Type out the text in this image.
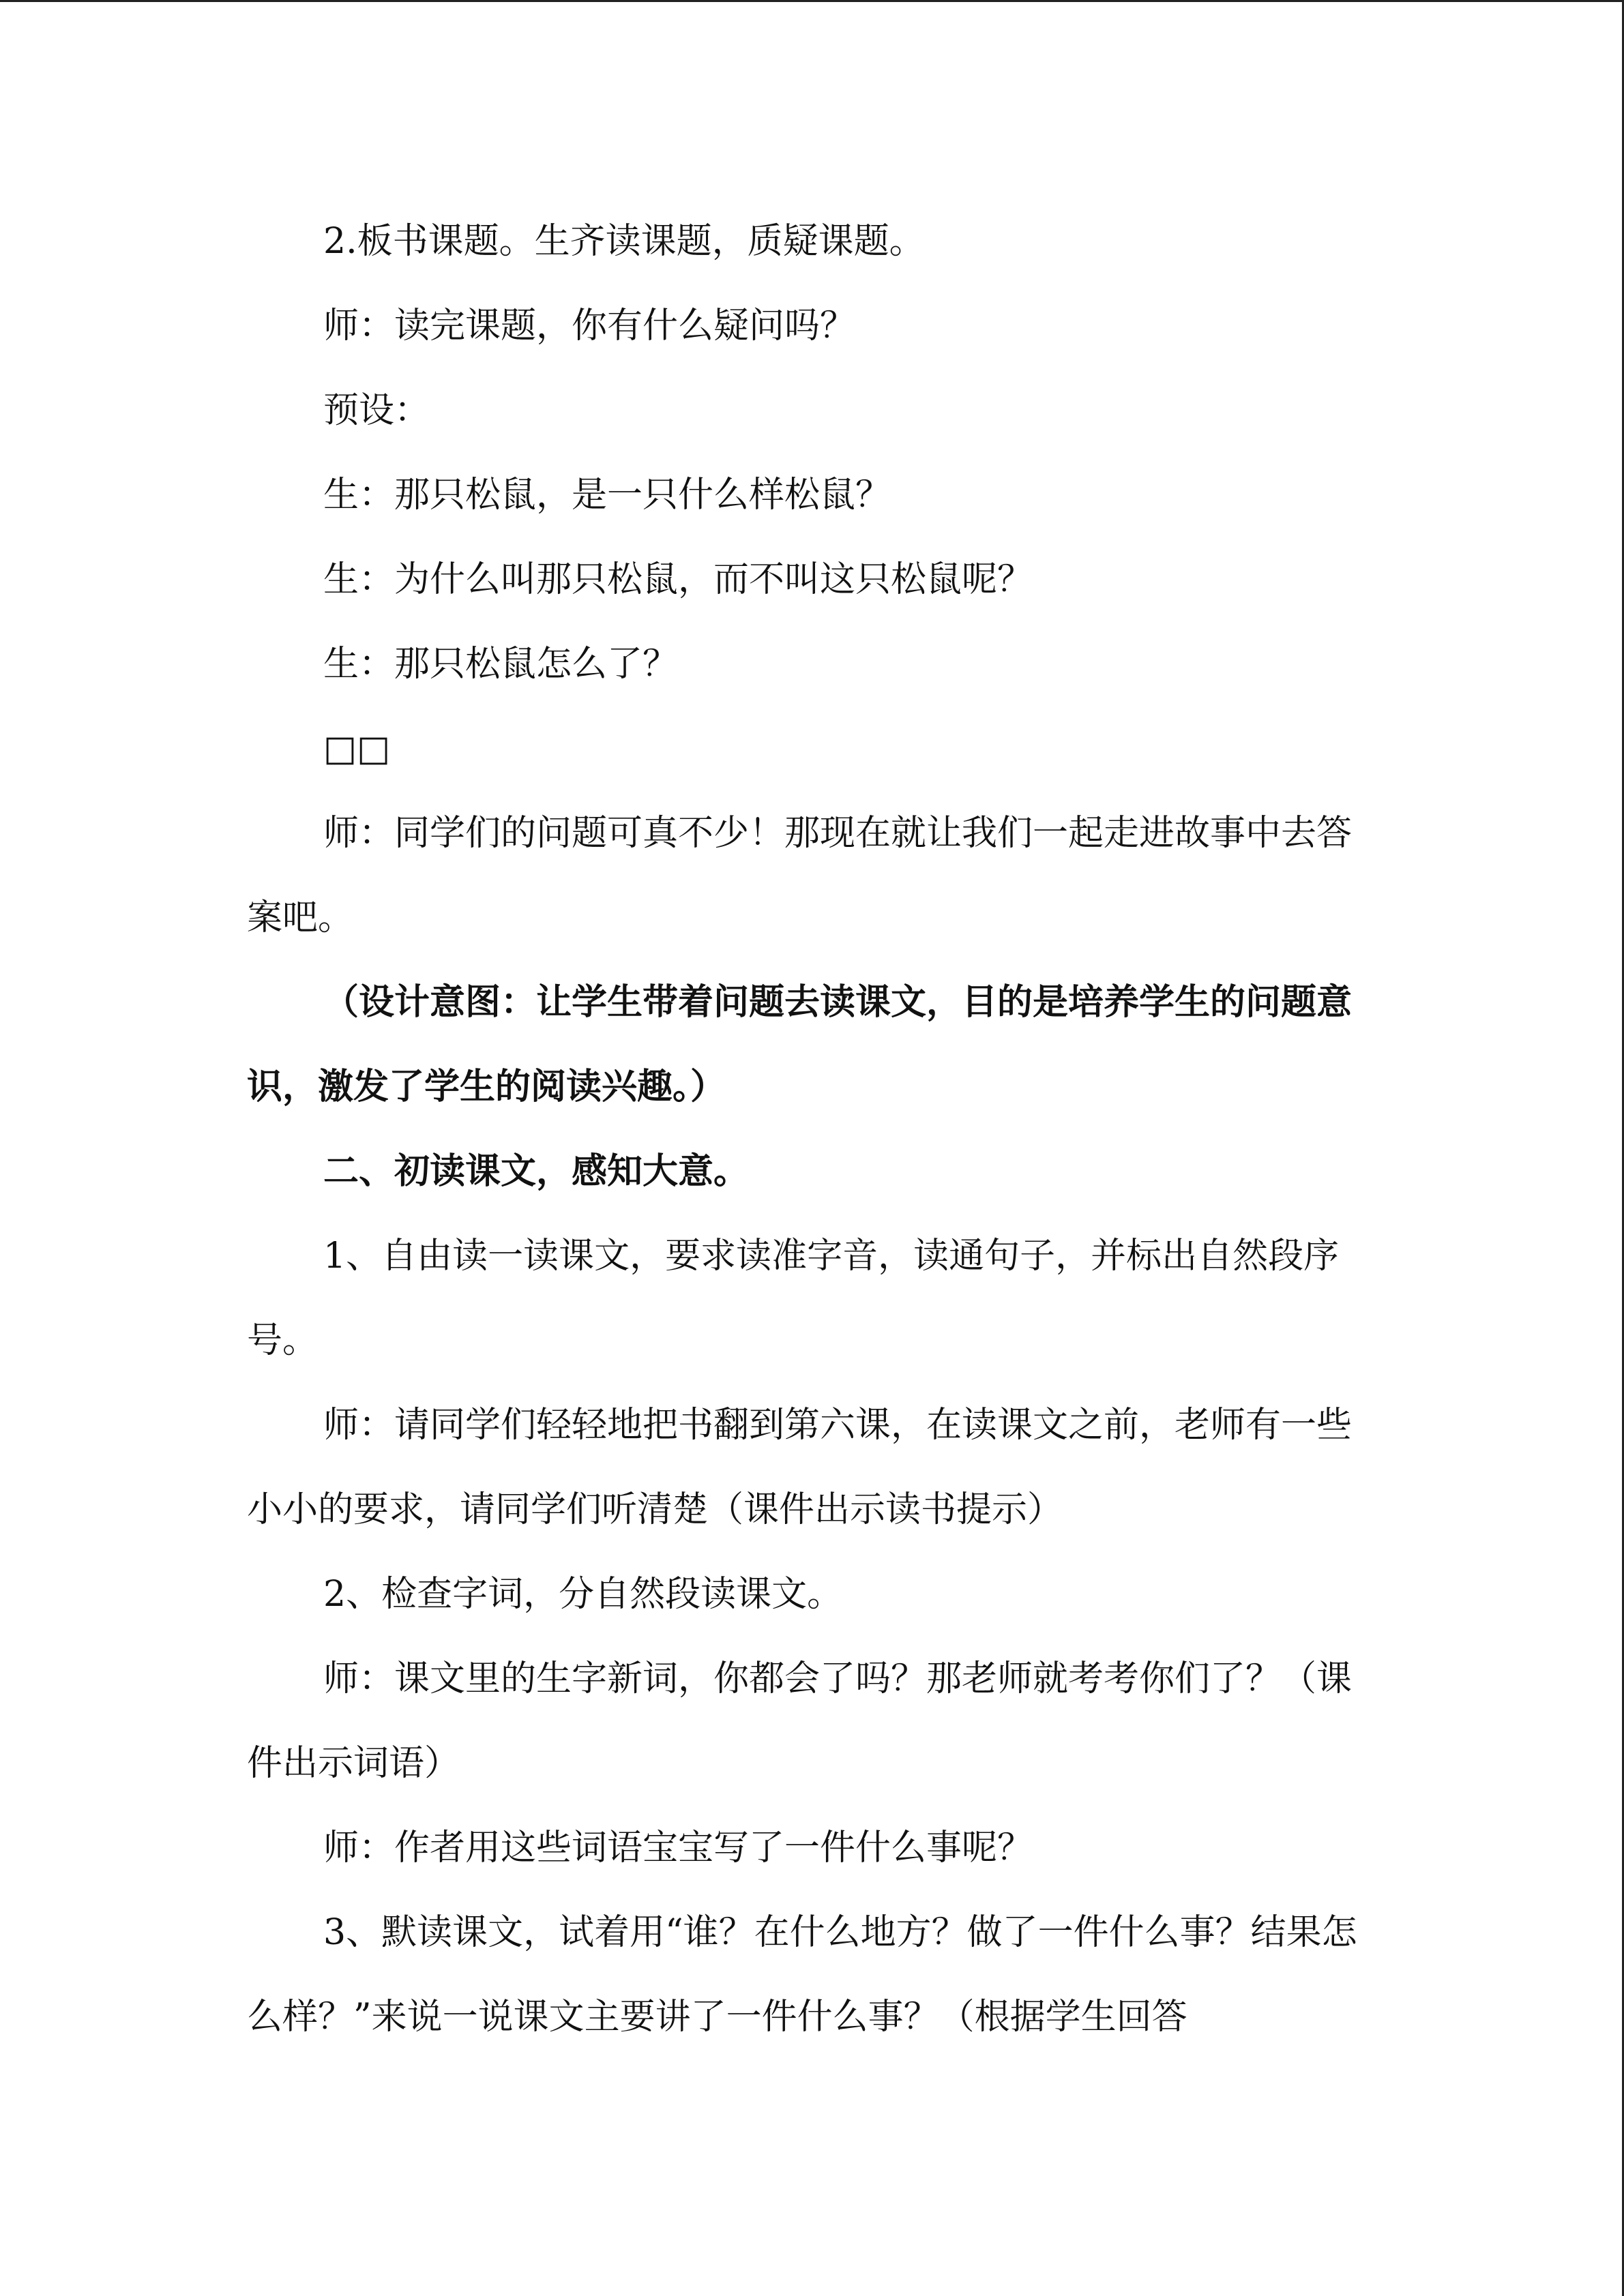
2.板书课题。生齐读课题，质疑课题。

师：读完课题，你有什么疑问吗？

预设：

生：那只松鼠，是一只什么样松鼠？

生：为什么叫那只松鼠，而不叫这只松鼠呢？

生：那只松鼠怎么了？

□□

师：同学们的问题可真不少！那现在就让我们一起走进故事中去答案吧。

（设计意图：让学生带着问题去读课文，目的是培养学生的问题意识，激发了学生的阅读兴趣。）

二、初读课文，感知大意。

1、自由读一读课文，要求读准字音，读通句子，并标出自然段序号。

师：请同学们轻轻地把书翻到第六课，在读课文之前，老师有一些小小的要求，请同学们听清楚（课件出示读书提示）

2、检查字词，分自然段读课文。

师：课文里的生字新词，你都会了吗？那老师就考考你们了？（课件出示词语）

师：作者用这些词语宝宝写了一件什么事呢？

3、默读课文，试着用“谁？在什么地方？做了一件什么事？结果怎么样？”来说一说课文主要讲了一件什么事？（根据学生回答
